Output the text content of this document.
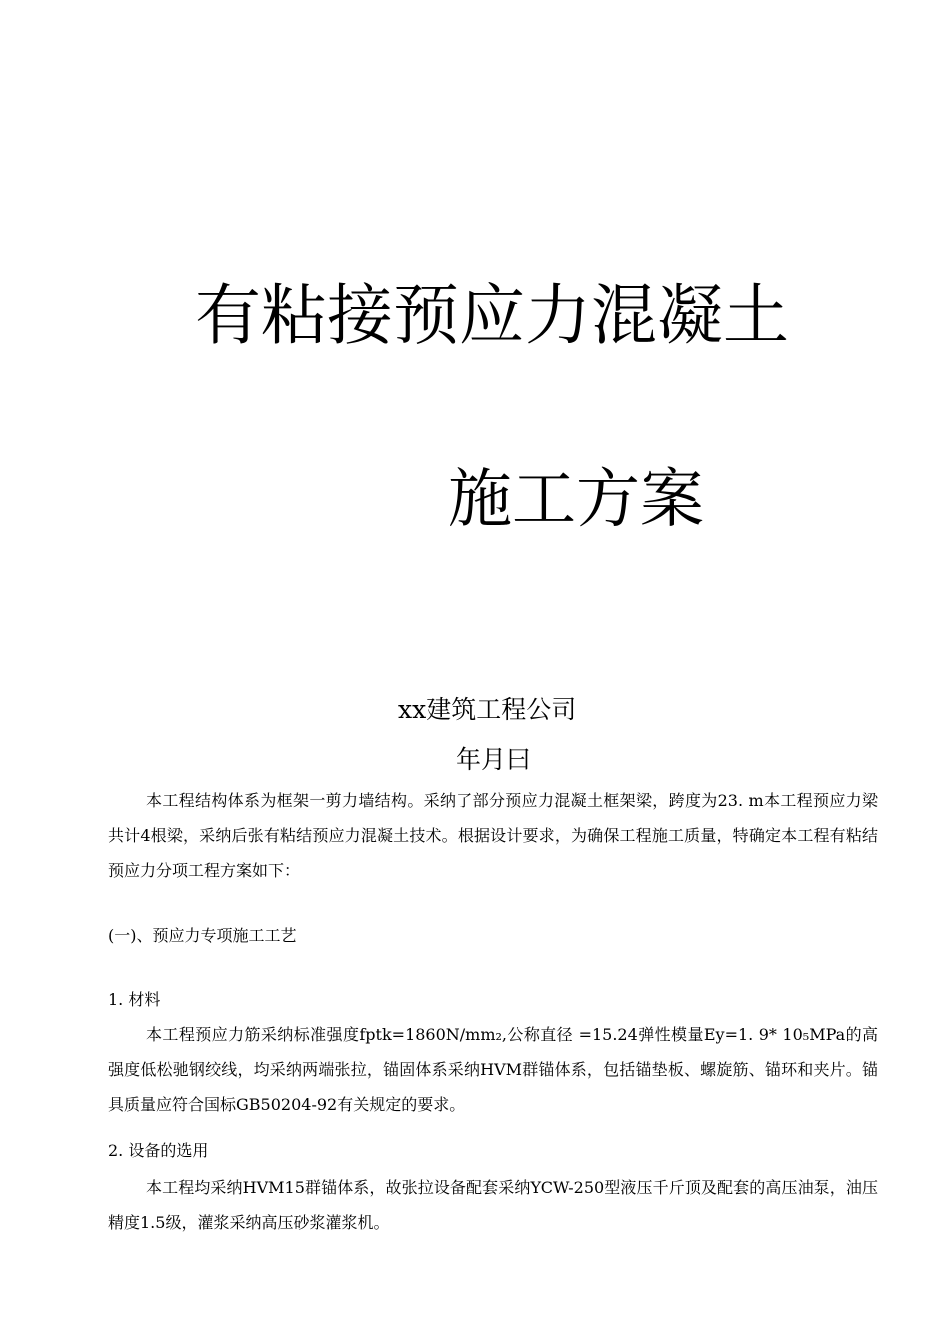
有粘接预应力混凝土
施工方案
xx建筑工程公司
年月曰

本工程结构体系为框架一剪力墙结构。采纳了部分预应力混凝土框架梁，跨度为23. m本工程预应力梁共计4根梁，采纳后张有粘结预应力混凝土技术。根据设计要求，为确保工程施工质量，特确定本工程有粘结预应力分项工程方案如下：

(一)、预应力专项施工工艺

1. 材料

本工程预应力筋采纳标准强度fptk=1860N/mm₂,公称直径 =15.24弹性模量Ey=1. 9* 10₅MPa的高强度低松驰钢绞线，均采纳两端张拉，锚固体系采纳HVM群锚体系，包括锚垫板、螺旋筋、锚环和夹片。锚具质量应符合国标GB50204-92有关规定的要求。

2. 设备的选用

本工程均采纳HVM15群锚体系，故张拉设备配套采纳YCW-250型液压千斤顶及配套的高压油泵，油压精度1.5级，灌浆采纳高压砂浆灌浆机。
